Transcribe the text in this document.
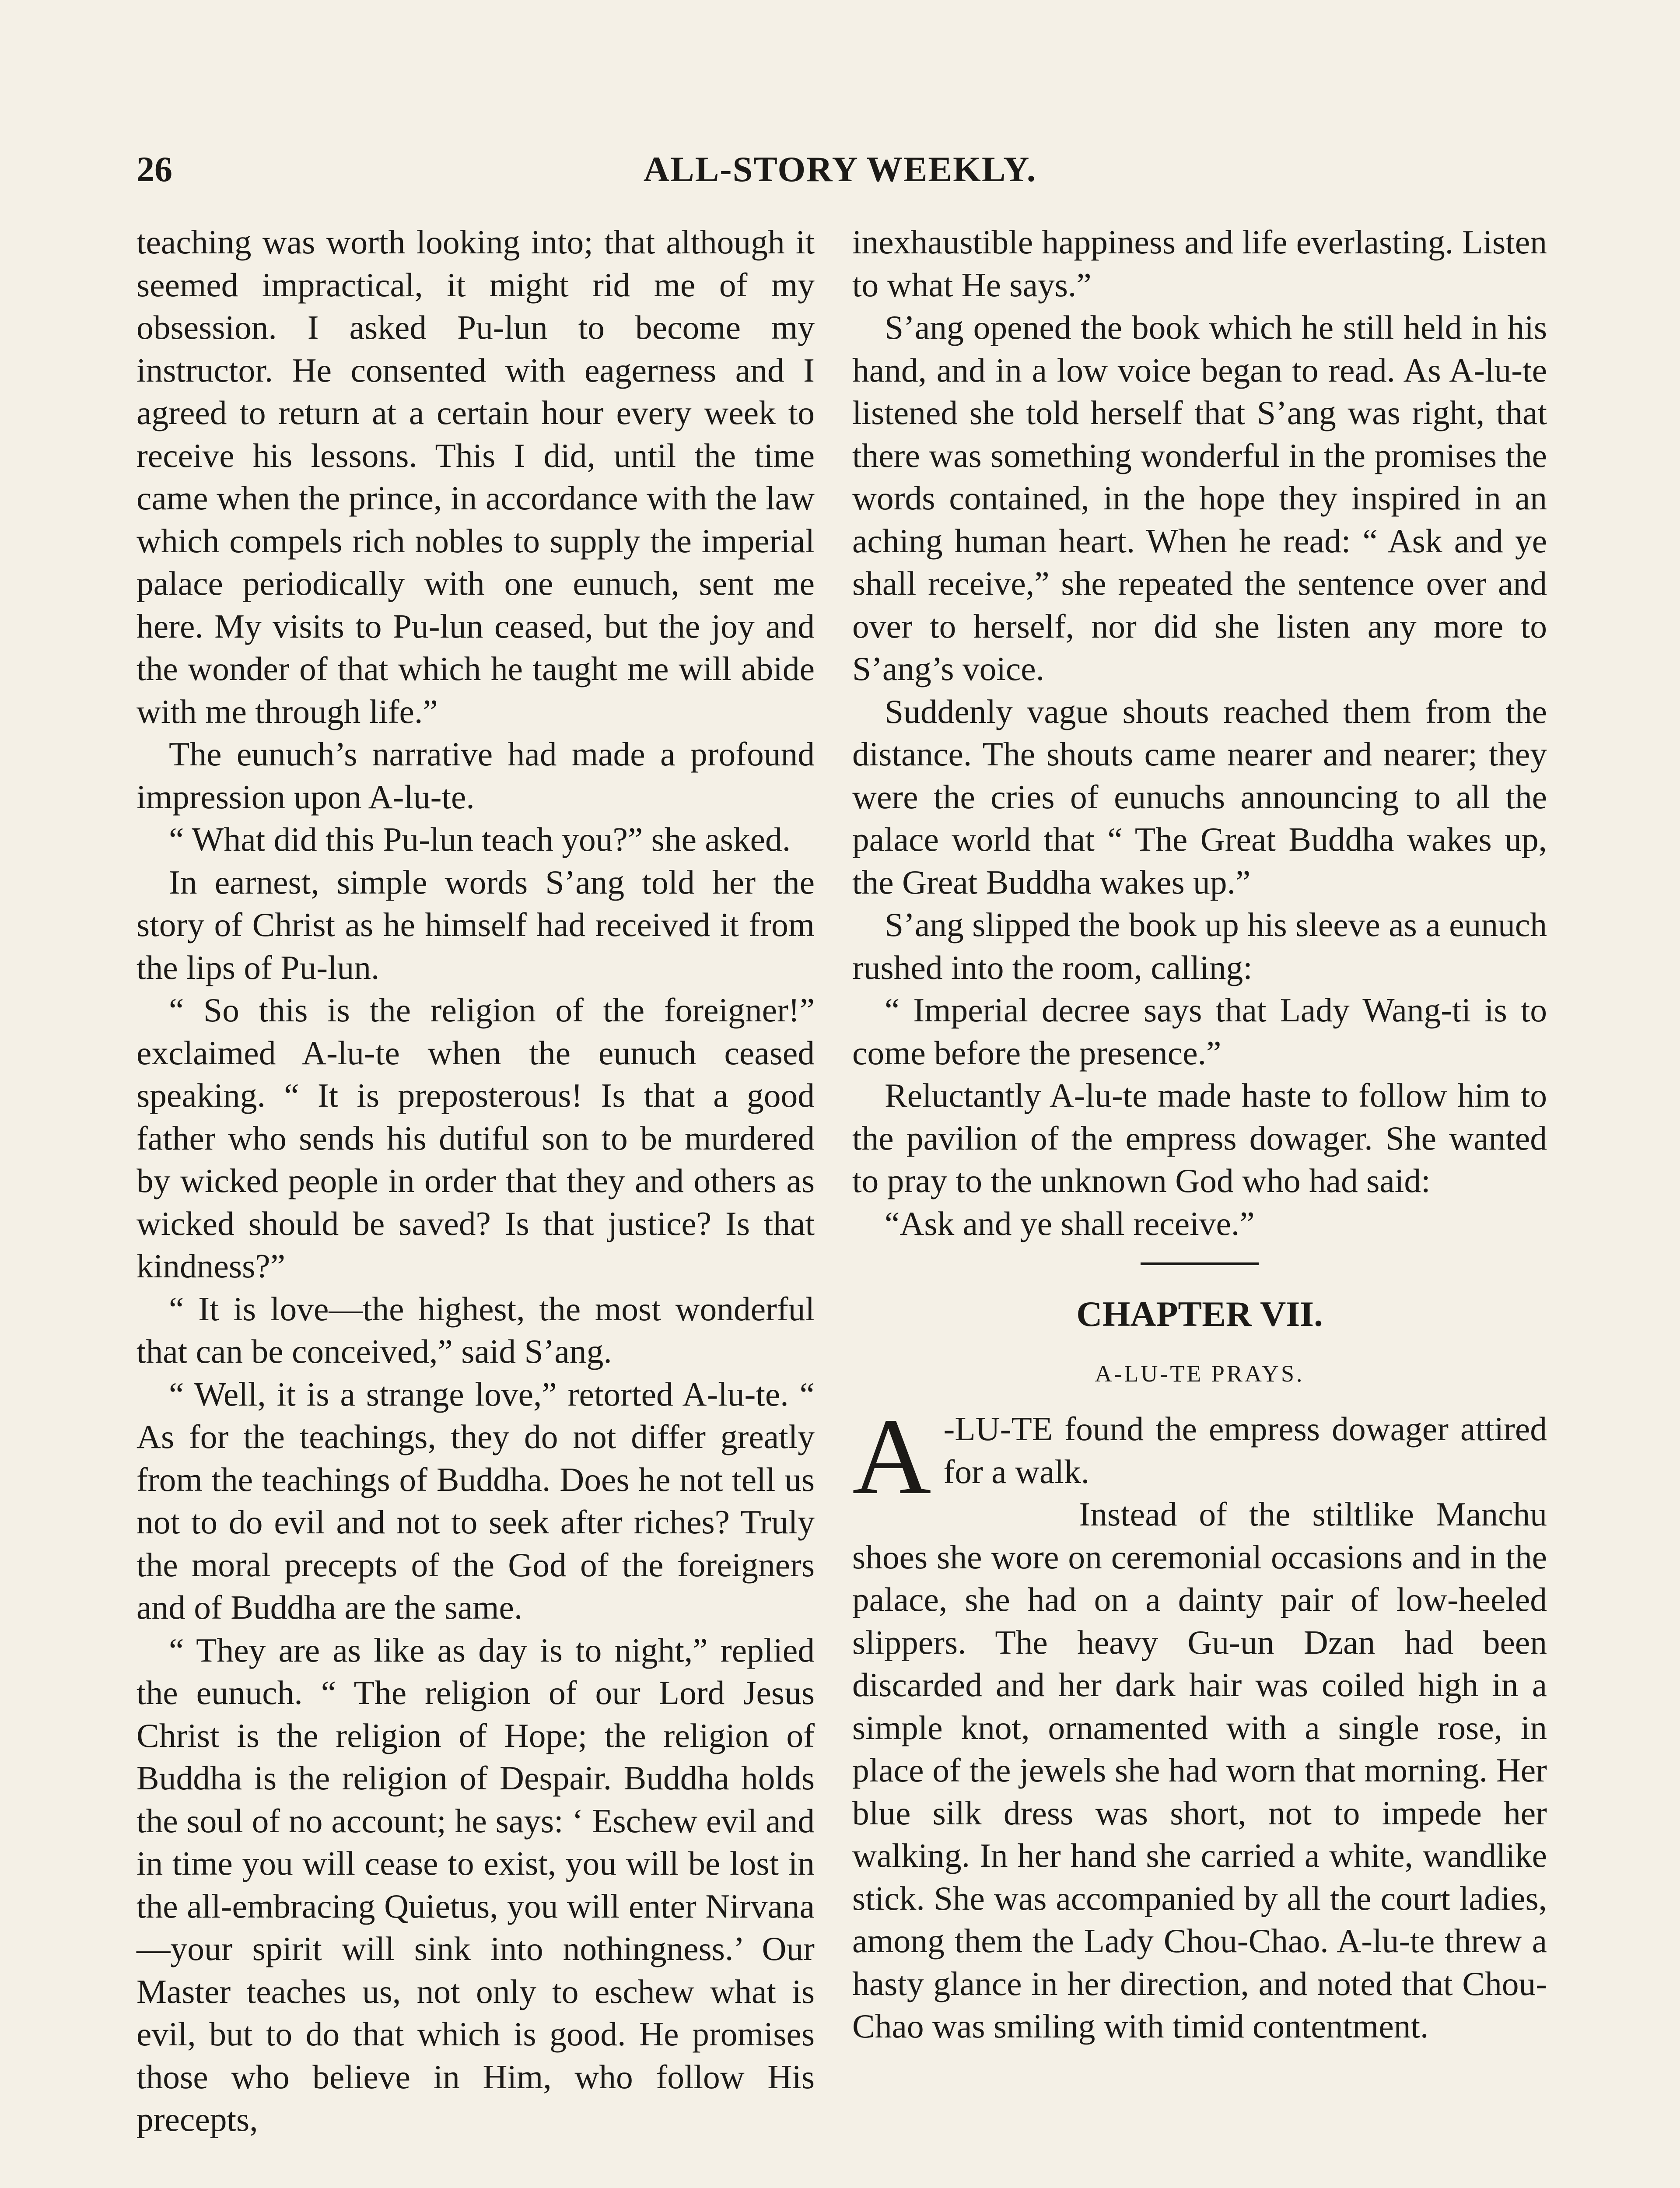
26	ALL-STORY WEEKLY.

teaching was worth looking into; that although it seemed impractical, it might rid me of my obsession. I asked Pu-lun to become my instructor. He consented with eagerness and I agreed to return at a certain hour every week to receive his lessons. This I did, until the time came when the prince, in accordance with the law which compels rich nobles to supply the imperial palace periodically with one eunuch, sent me here. My visits to Pu-lun ceased, but the joy and the wonder of that which he taught me will abide with me through life.”

The eunuch’s narrative had made a profound impression upon A-lu-te.

“ What did this Pu-lun teach you?” she asked.

In earnest, simple words S’ang told her the story of Christ as he himself had received it from the lips of Pu-lun.

“ So this is the religion of the foreigner!” exclaimed A-lu-te when the eunuch ceased speaking. “ It is preposterous! Is that a good father who sends his dutiful son to be murdered by wicked people in order that they and others as wicked should be saved? Is that justice? Is that kindness?”

“ It is love—the highest, the most wonderful that can be conceived,” said S’ang.

“ Well, it is a strange love,” retorted A-lu-te. “ As for the teachings, they do not differ greatly from the teachings of Buddha. Does he not tell us not to do evil and not to seek after riches? Truly the moral precepts of the God of the foreigners and of Buddha are the same.

“ They are as like as day is to night,” replied the eunuch. “ The religion of our Lord Jesus Christ is the religion of Hope; the religion of Buddha is the religion of Despair. Buddha holds the soul of no account; he says: ‘ Eschew evil and in time you will cease to exist, you will be lost in the all-embracing Quietus, you will enter Nirvana—your spirit will sink into nothingness.’ Our Master teaches us, not only to eschew what is evil, but to do that which is good. He promises those who believe in Him, who follow His precepts,

inexhaustible happiness and life everlasting. Listen to what He says.”

S’ang opened the book which he still held in his hand, and in a low voice began to read. As A-lu-te listened she told herself that S’ang was right, that there was something wonderful in the promises the words contained, in the hope they inspired in an aching human heart. When he read: “ Ask and ye shall receive,” she repeated the sentence over and over to herself, nor did she listen any more to S’ang’s voice.

Suddenly vague shouts reached them from the distance. The shouts came nearer and nearer; they were the cries of eunuchs announcing to all the palace world that “ The Great Buddha wakes up, the Great Buddha wakes up.”

S’ang slipped the book up his sleeve as a eunuch rushed into the room, calling:

“ Imperial decree says that Lady Wang-ti is to come before the presence.”

Reluctantly A-lu-te made haste to follow him to the pavilion of the empress dowager. She wanted to pray to the unknown God who had said:

“Ask and ye shall receive.”

CHAPTER VII.
A-LU-TE PRAYS.

A -LU-TE found the empress dowager attired for a walk.

Instead of the stiltlike Manchu shoes she wore on ceremonial occasions and in the palace, she had on a dainty pair of low-heeled slippers. The heavy Gu-un Dzan had been discarded and her dark hair was coiled high in a simple knot, ornamented with a single rose, in place of the jewels she had worn that morning. Her blue silk dress was short, not to impede her walking. In her hand she carried a white, wandlike stick. She was accompanied by all the court ladies, among them the Lady Chou-Chao. A-lu-te threw a hasty glance in her direction, and noted that Chou-Chao was smiling with timid contentment.
